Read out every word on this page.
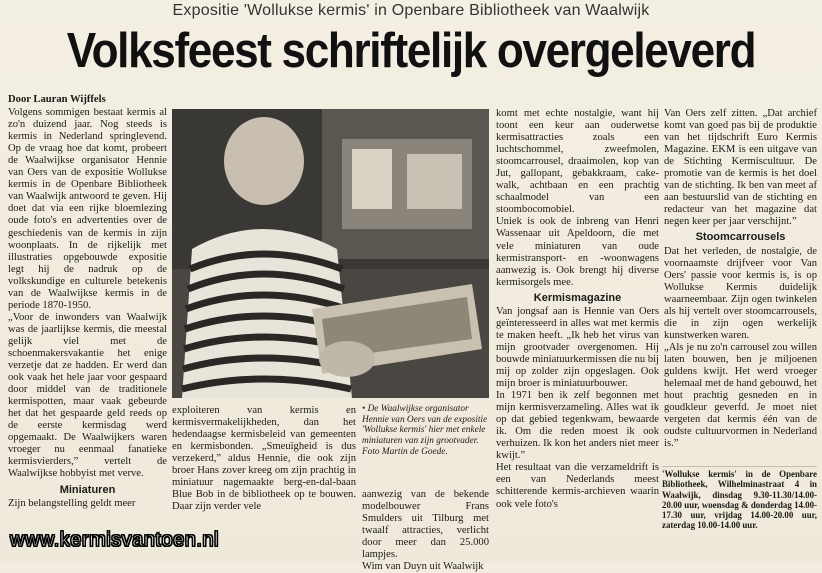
Expositie 'Wollukse kermis' in Openbare Bibliotheek van Waalwijk
Volksfeest schriftelijk overgeleverd

Door Lauran Wijffels

Volgens sommigen bestaat kermis al zo'n duizend jaar. Nog steeds is kermis in Nederland springlevend. Op de vraag hoe dat komt, probeert de Waalwijkse organisator Hennie van Oers van de expositie Wollukse kermis in de Openbare Bibliotheek van Waalwijk antwoord te geven. Hij doet dat via een rijke bloemlezing oude foto's en advertenties over de geschiedenis van de kermis in zijn woonplaats. In de rijkelijk met illustraties opgebouwde expositie legt hij de nadruk op de volkskundige en culturele betekenis van de Waalwijkse kermis in de periode 1870-1950.

„Voor de inwonders van Waalwijk was de jaarlijkse kermis, die meestal gelijk viel met de schoenmakersvakantie het enige verzetje dat ze hadden. Er werd dan ook vaak het hele jaar voor gespaard door middel van de traditionele kermispotten, maar vaak gebeurde het dat het gespaarde geld reeds op de eerste kermisdag werd opgemaakt. De Waalwijkers waren vroeger nu eenmaal fanatieke kermisvierders,” vertelt de Waalwijkse hobbyist met verve.

Miniaturen

Zijn belangstelling geldt meer

exploiteren van kermis en kermisvermakelijkheden, dan het hedendaagse kermisbeleid van gemeenten en kermisbonden. „Smeuïgheid is dus verzekerd,” aldus Hennie, die ook zijn broer Hans zover kreeg om zijn prachtig in miniatuur nagemaakte berg-en-dal-baan Blue Bob in de bibliotheek op te bouwen. Daar zijn verder vele

• De Waalwijkse organisator Hennie van Oers van de expositie 'Wollukse kermis' hier met enkele miniaturen van zijn grootvader. Foto Martin de Goede.

aanwezig van de bekende modelbouwer Frans Smulders uit Tilburg met twaalf attracties, verlicht door meer dan 25.000 lampjes.
Wim van Duyn uit Waalwijk

komt met echte nostalgie, want hij toont een keur aan ouderwetse kermisattracties zoals een luchtschommel, zweefmolen, stoomcarrousel, draaimolen, kop van Jut, gallopant, gebakkraam, cake-walk, achtbaan en een prachtig schaalmodel van een stoombocomobiel.

Uniek is ook de inbreng van Henri Wassenaar uit Apeldoorn, die met vele miniaturen van oude kermistransport- en -woonwagens aanwezig is. Ook brengt hij diverse kermisorgels mee.

Kermismagazine

Van jongsaf aan is Hennie van Oers geïnteresseerd in alles wat met kermis te maken heeft. „Ik heb het virus van mijn grootvader overgenomen. Hij bouwde miniatuurkermissen die nu bij mij op zolder zijn opgeslagen. Ook mijn broer is miniatuurbouwer.

In 1971 ben ik zelf begonnen met mijn kermisverzameling. Alles wat ik op dat gebied tegenkwam, bewaarde ik. Om die reden moest ik ook verhuizen. Ik kon het anders niet meer kwijt.”

Het resultaat van die verzameldrift is een van Nederlands meest schitterende kermis-archieven waarin ook vele foto's

Van Oers zelf zitten. „Dat archief komt van goed pas bij de produktie van het tijdschrift Euro Kermis Magazine. EKM is een uitgave van de Stichting Kermiscultuur. De promotie van de kermis is het doel van de stichting. Ik ben van meet af aan bestuurslid van de stichting en redacteur van het magazine dat negen keer per jaar verschijnt.”

Stoomcarrousels

Dat het verleden, de nostalgie, de voornaamste drijfveer voor Van Oers' passie voor kermis is, is op Wollukse Kermis duidelijk waarneembaar. Zijn ogen twinkelen als hij vertelt over stoomcarrousels, die in zijn ogen werkelijk kunstwerken waren.

„Als je nu zo'n carrousel zou willen laten bouwen, ben je miljoenen guldens kwijt. Het werd vroeger helemaal met de hand gebouwd, het hout prachtig gesneden en in goudkleur geverfd. Je moet niet vergeten dat kermis één van de oudste cultuurvormen in Nederland is.”

'Wollukse kermis' in de Openbare Bibliotheek, Wilhelminastraat 4 in Waalwijk, dinsdag 9.30-11.30/14.00-20.00 uur, woensdag & donderdag 14.00-17.30 uur, vrijdag 14.00-20.00 uur, zaterdag 10.00-14.00 uur.
www.kermisvantoen.nl
